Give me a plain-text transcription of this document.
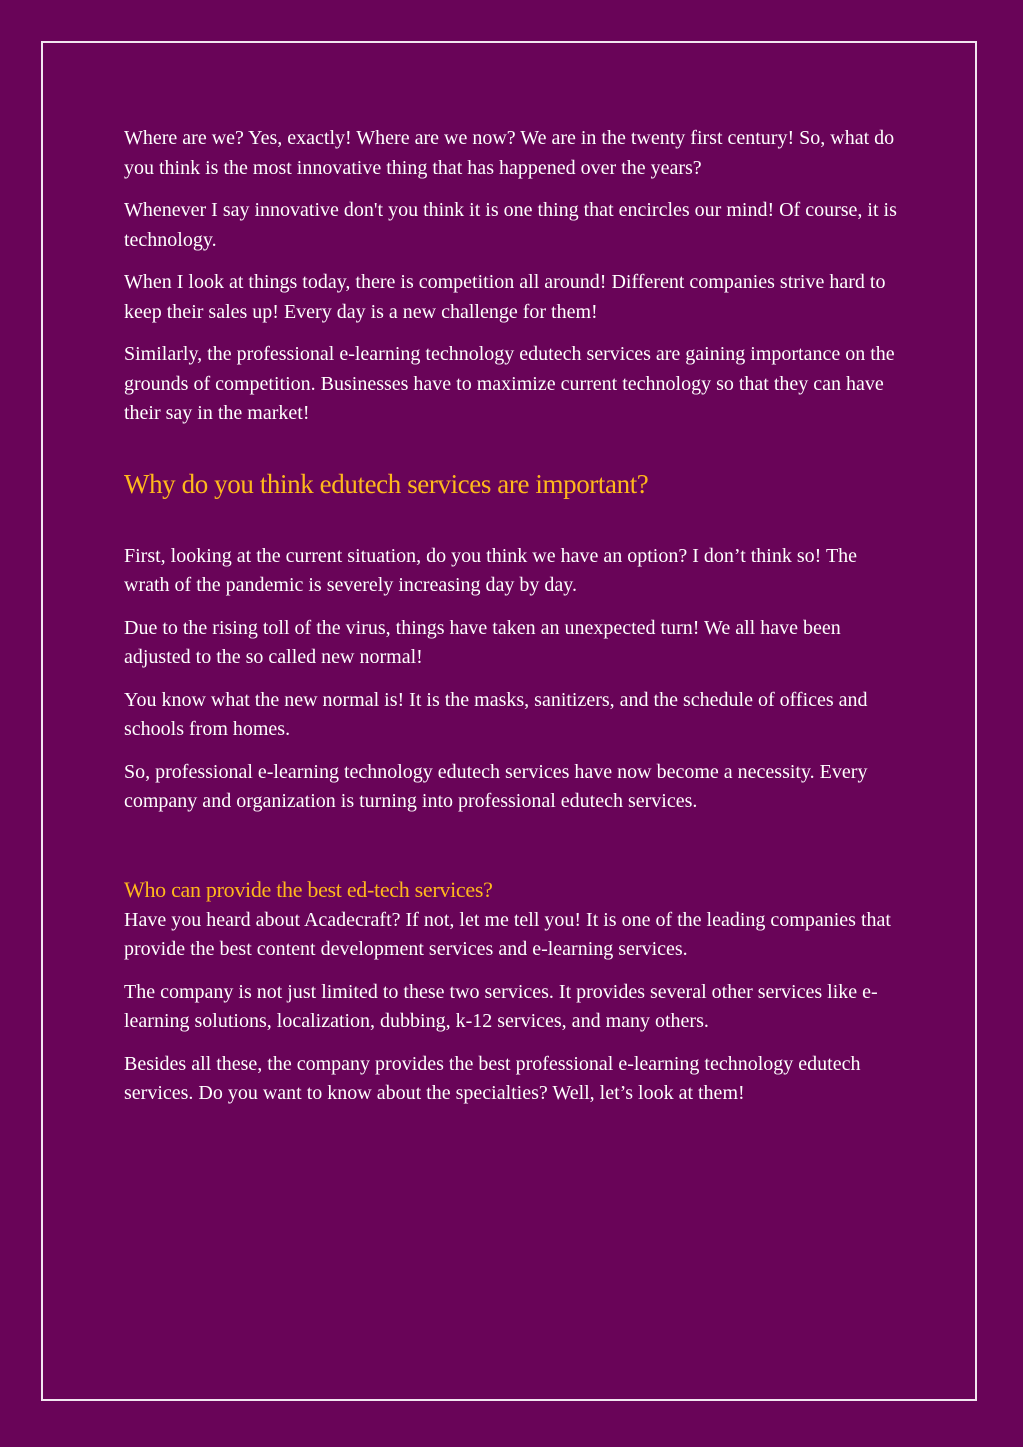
Where are we? Yes, exactly! Where are we now? We are in the twenty first century! So, what do you think is the most innovative thing that has happened over the years?

Whenever I say innovative don't you think it is one thing that encircles our mind! Of course, it is technology.

When I look at things today, there is competition all around! Different companies strive hard to keep their sales up! Every day is a new challenge for them!

Similarly, the professional e-learning technology edutech services are gaining importance on the grounds of competition. Businesses have to maximize current technology so that they can have their say in the market!

Why do you think edutech services are important?

First, looking at the current situation, do you think we have an option? I don’t think so! The wrath of the pandemic is severely increasing day by day.

Due to the rising toll of the virus, things have taken an unexpected turn! We all have been adjusted to the so called new normal!

You know what the new normal is! It is the masks, sanitizers, and the schedule of offices and schools from homes.

So, professional e-learning technology edutech services have now become a necessity. Every company and organization is turning into professional edutech services.

Who can provide the best ed-tech services?

Have you heard about Acadecraft? If not, let me tell you! It is one of the leading companies that provide the best content development services and e-learning services.

The company is not just limited to these two services. It provides several other services like e-learning solutions, localization, dubbing, k-12 services, and many others.

Besides all these, the company provides the best professional e-learning technology edutech services. Do you want to know about the specialties? Well, let’s look at them!
